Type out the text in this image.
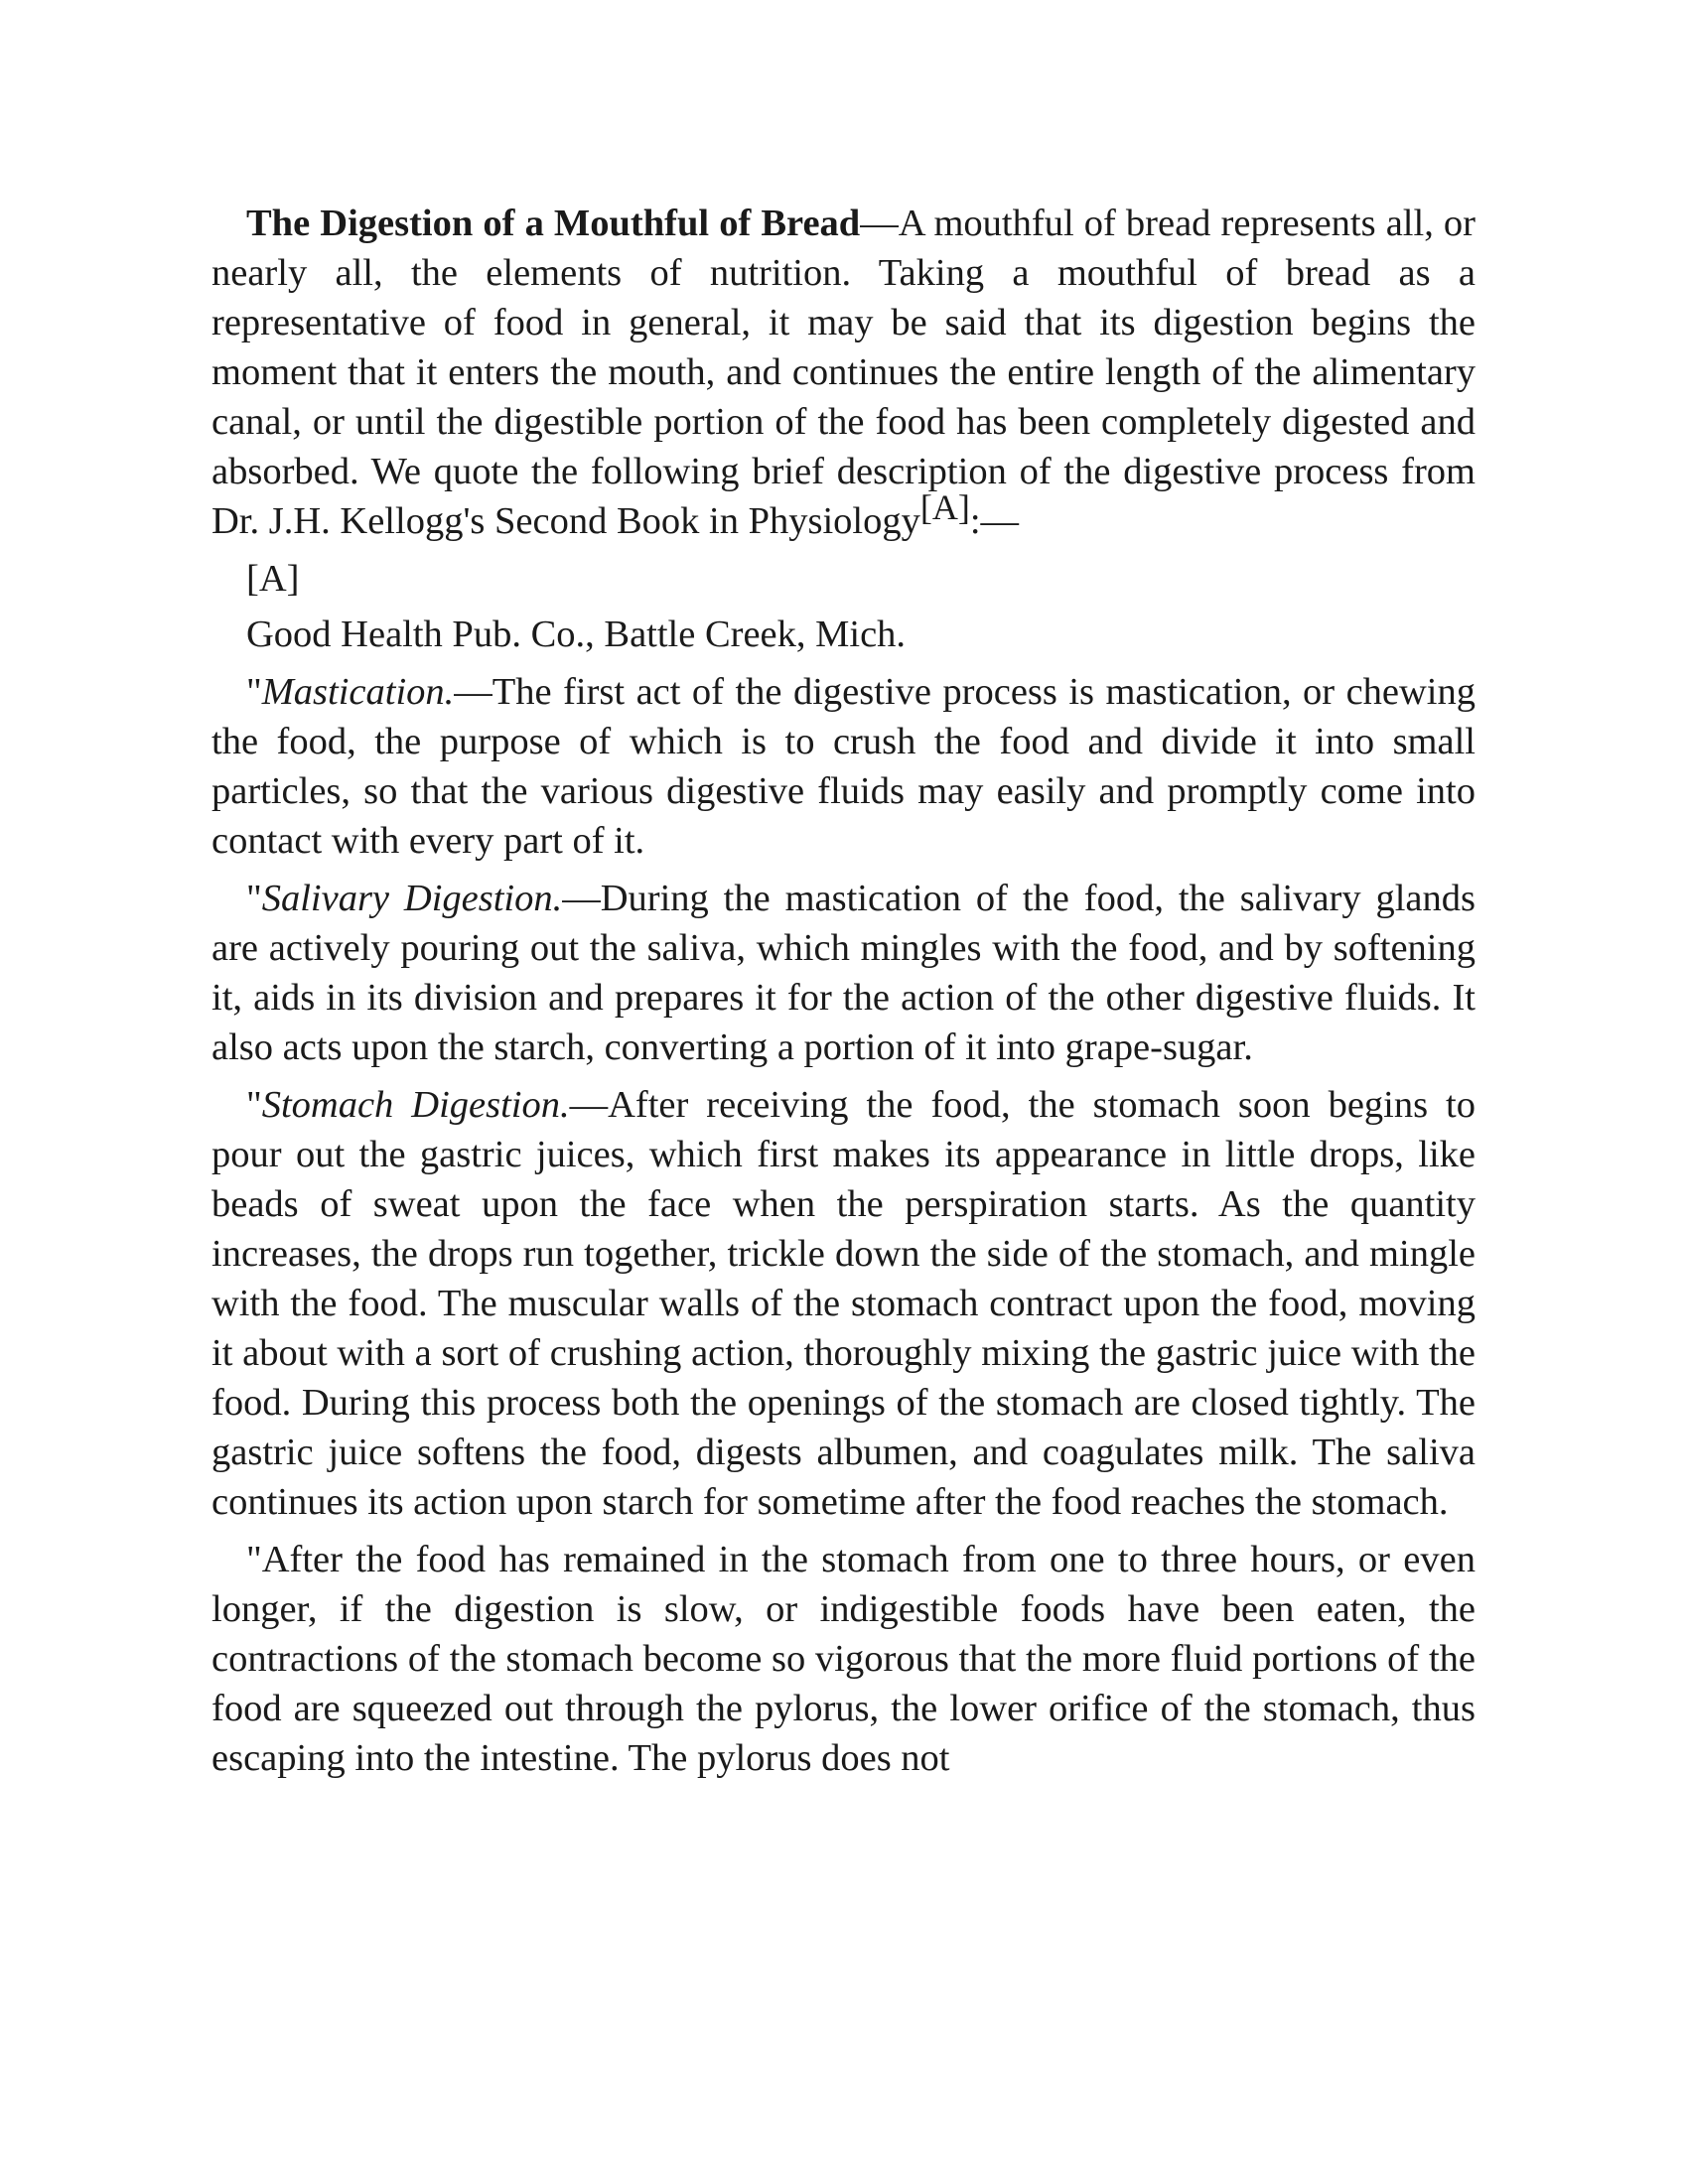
The Digestion of a Mouthful of Bread—A mouthful of bread represents all, or nearly all, the elements of nutrition. Taking a mouthful of bread as a representative of food in general, it may be said that its digestion begins the moment that it enters the mouth, and continues the entire length of the alimentary canal, or until the digestible portion of the food has been completely digested and absorbed. We quote the following brief description of the digestive process from Dr. J.H. Kellogg's Second Book in Physiology[A]:—

[A]

Good Health Pub. Co., Battle Creek, Mich.

"Mastication.—The first act of the digestive process is mastication, or chewing the food, the purpose of which is to crush the food and divide it into small particles, so that the various digestive fluids may easily and promptly come into contact with every part of it.

"Salivary Digestion.—During the mastication of the food, the salivary glands are actively pouring out the saliva, which mingles with the food, and by softening it, aids in its division and prepares it for the action of the other digestive fluids. It also acts upon the starch, converting a portion of it into grape-sugar.

"Stomach Digestion.—After receiving the food, the stomach soon begins to pour out the gastric juices, which first makes its appearance in little drops, like beads of sweat upon the face when the perspiration starts. As the quantity increases, the drops run together, trickle down the side of the stomach, and mingle with the food. The muscular walls of the stomach contract upon the food, moving it about with a sort of crushing action, thoroughly mixing the gastric juice with the food. During this process both the openings of the stomach are closed tightly. The gastric juice softens the food, digests albumen, and coagulates milk. The saliva continues its action upon starch for sometime after the food reaches the stomach.

"After the food has remained in the stomach from one to three hours, or even longer, if the digestion is slow, or indigestible foods have been eaten, the contractions of the stomach become so vigorous that the more fluid portions of the food are squeezed out through the pylorus, the lower orifice of the stomach, thus escaping into the intestine. The pylorus does not
